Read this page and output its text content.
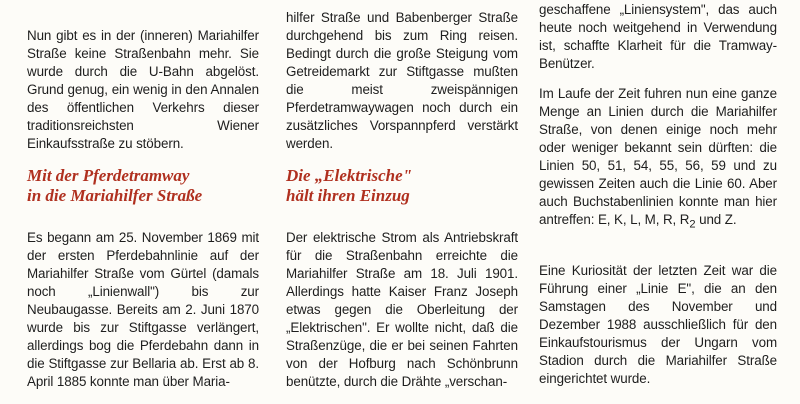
Nun gibt es in der (inneren) Mariahilfer Straße keine Straßenbahn mehr. Sie wurde durch die U-Bahn abgelöst. Grund genug, ein wenig in den Annalen des öffentlichen Verkehrs dieser traditionsreichsten Wiener Einkaufsstraße zu stöbern.

Mit der Pferdetramway
in die Mariahilfer Straße

Es begann am 25. November 1869 mit der ersten Pferdebahnlinie auf der Mariahilfer Straße vom Gürtel (damals noch „Linienwall") bis zur Neubaugasse. Bereits am 2. Juni 1870 wurde bis zur Stiftgasse verlängert, allerdings bog die Pferdebahn dann in die Stiftgasse zur Bellaria ab. Erst ab 8. April 1885 konnte man über Maria-

hilfer Straße und Babenberger Straße durchgehend bis zum Ring reisen. Bedingt durch die große Steigung vom Getreidemarkt zur Stiftgasse mußten die meist zweispännigen Pferdetramwaywagen noch durch ein zusätzliches Vorspannpferd verstärkt werden.

Die „Elektrische"
hält ihren Einzug

Der elektrische Strom als Antriebskraft für die Straßenbahn erreichte die Mariahilfer Straße am 18. Juli 1901. Allerdings hatte Kaiser Franz Joseph etwas gegen die Oberleitung der „Elektrischen". Er wollte nicht, daß die Straßenzüge, die er bei seinen Fahrten von der Hofburg nach Schönbrunn benützte, durch die Drähte „verschan-

geschaffene „Liniensystem", das auch heute noch weitgehend in Verwendung ist, schaffte Klarheit für die Tramway-Benützer.

Im Laufe der Zeit fuhren nun eine ganze Menge an Linien durch die Mariahilfer Straße, von denen einige noch mehr oder weniger bekannt sein dürften: die Linien 50, 51, 54, 55, 56, 59 und zu gewissen Zeiten auch die Linie 60. Aber auch Buchstabenlinien konnte man hier antreffen: E, K, L, M, R, $R_2$ und Z.

Eine Kuriosität der letzten Zeit war die Führung einer „Linie E", die an den Samstagen des November und Dezember 1988 ausschließlich für den Einkaufstourismus der Ungarn vom Stadion durch die Mariahilfer Straße eingerichtet wurde.
